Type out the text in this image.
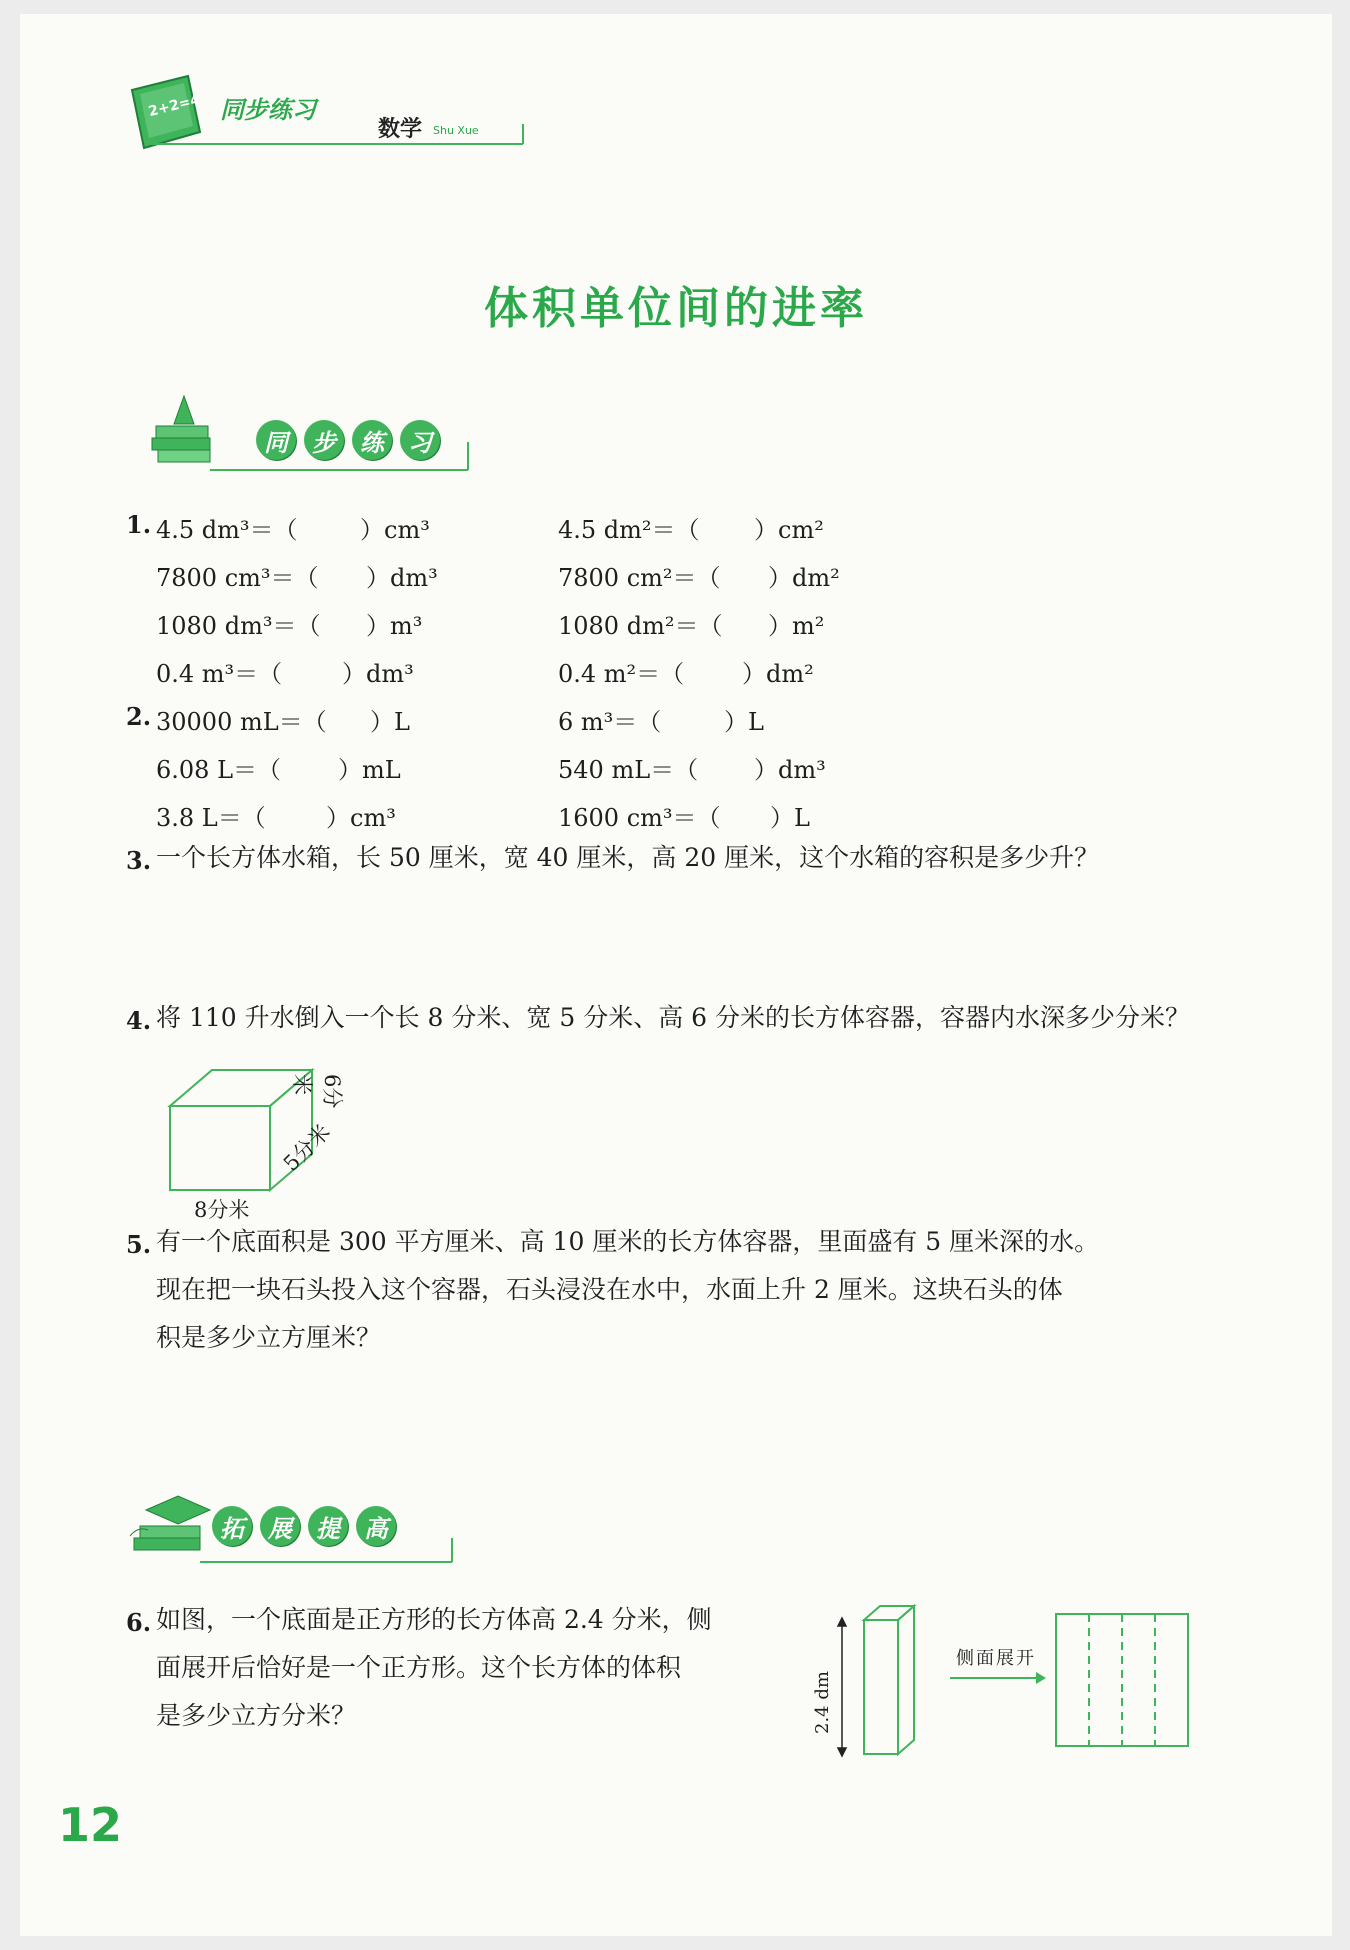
2+2=4 同步练习
数学 Shu Xue
体积单位间的进率
同	步	练	习
1. 4.5 dm³＝（	）cm³	4.5 dm²＝（ ）cm²
7800 cm³＝（ ）dm³	7800 cm²＝（ ）dm²
1080 dm³＝（ ）m³	1080 dm²＝（ ）m²
0.4 m³＝（ ）dm³	0.4 m²＝（ ）dm²
2. 30000 mL＝（ ）L	6 m³＝（	）L
6.08 L＝（ ）mL	540 mL＝（ ）dm³
3.8 L＝（	）cm³	1600 cm³＝（ ）L
3. 一个长方体水箱，长 50 厘米，宽 40 厘米，高 20 厘米，这个水箱的容积是多少升？
4. 将 110 升水倒入一个长 8 分米、宽 5 分米、高 6 分米的长方体容器，容器内水深多少分米？
8分米
5分米
6分米
5. 有一个底面积是 300 平方厘米、高 10 厘米的长方体容器，里面盛有 5 厘米深的水。
现在把一块石头投入这个容器，石头浸没在水中，水面上升 2 厘米。这块石头的体
积是多少立方厘米？
拓	展	提	高
6. 如图，一个底面是正方形的长方体高 2.4 分米，侧
面展开后恰好是一个正方形。这个长方体的体积
是多少立方分米？	2.4 dm
侧面展开
12
